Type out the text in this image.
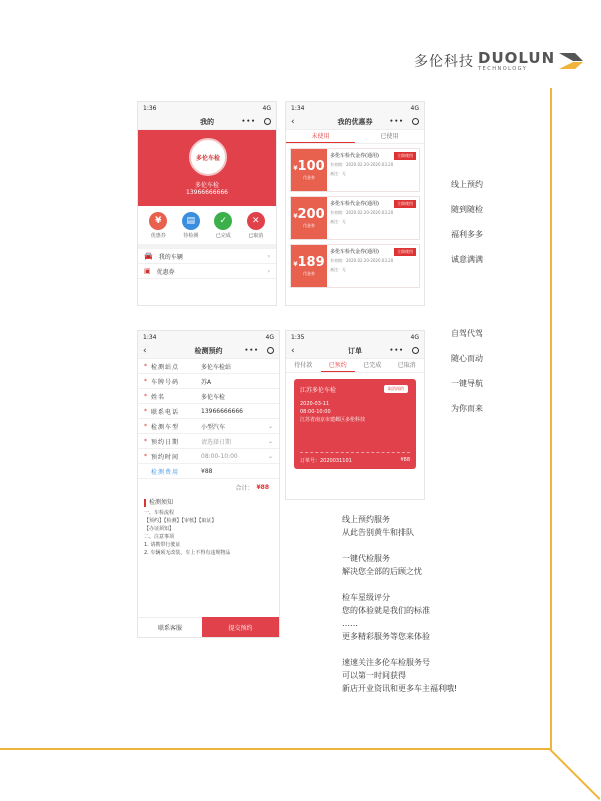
多伦科技 DUOLUN
TECHNOLOGY
1:36	4G
我的	•••
多伦车检
多伦车检
13966666666
¥
优惠券
▤
待检测
✓
已完成
✕
已取消
🚘 我的车辆	›
▣ 优惠券	›
1:34	4G
‹	我的优惠券	•••
未使用	已使用
¥100
代金券
多伦车检代金券(通用)	立即使用
有效期：2020.02.20-2020.03.20
备注：无
¥200
代金券
多伦车检代金券(通用)	立即使用
有效期：2020.02.20-2020.03.20
备注：无
¥189
代金券
多伦车检代金券(通用)	立即使用
有效期：2020.02.20-2020.03.20
备注：无

线上预约

随到随检

福利多多

诚意满满

1:34	4G
‹	检测预约	•••
* 检测站点	多伦车检站
* 车牌号码	苏A
* 姓名	多伦车检
* 联系电话	13966666666
* 检测车型	小型汽车	⌄
* 预约日期	请选择日期	⌄
* 预约时间	08:00-10:00	⌄
检测费用	¥88
合计： ¥88
检测须知
一、车检流程
【预约】【检测】【审核】【取证】
【办证须知】
二、注意事项
1. 请携带行驶证
2. 车辆须无改装，车上不得有违规物品
联系客服	提交预约
1:35	4G
‹	订单	•••
待付款	已预约	已完成	已取消
江苏多伦车检	取消预约
2020-03-11
08:00-10:00
江苏省南京市建邺区多伦科技
订单号：2020031101	¥88

自驾代驾

随心而动

一键导航

为你而来

线上预约服务

从此告别黄牛和排队

一键代检服务

解决您全部的后顾之忧

检车星级评分

您的体验就是我们的标准

……

更多精彩服务等您来体验

速速关注多伦车检服务号

可以第一时间获得

新店开业资讯和更多车主福利哦!
